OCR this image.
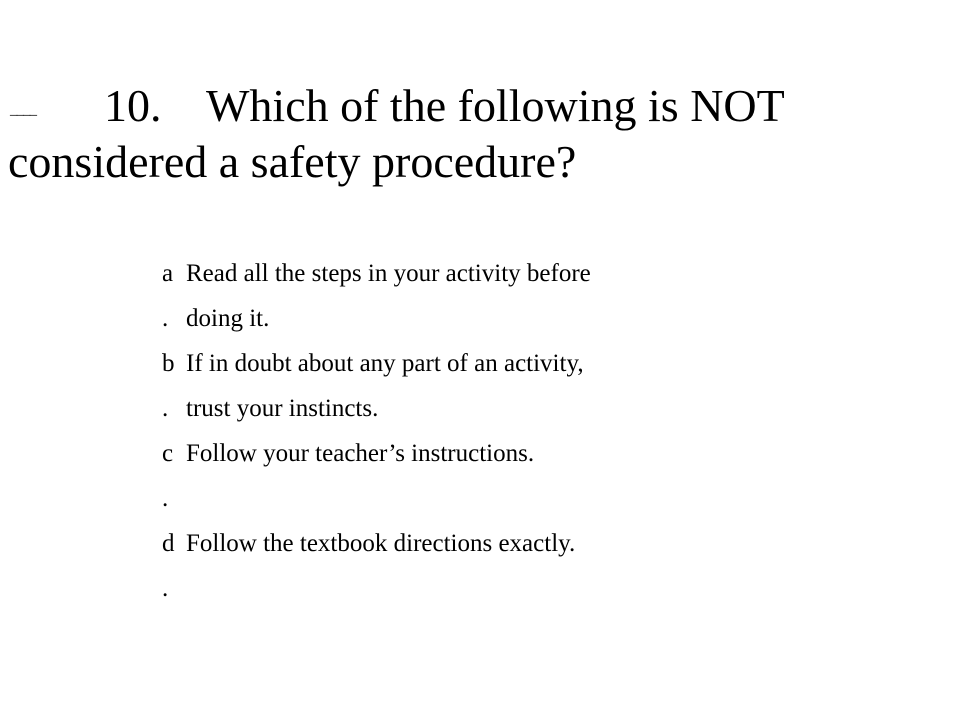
____ 10. Which of the following is NOT
considered a safety procedure?
a Read all the steps in your activity before
. doing it.
b If in doubt about any part of an activity,
. trust your instincts.
c Follow your teacher’s instructions.
.
d Follow the textbook directions exactly.
.
